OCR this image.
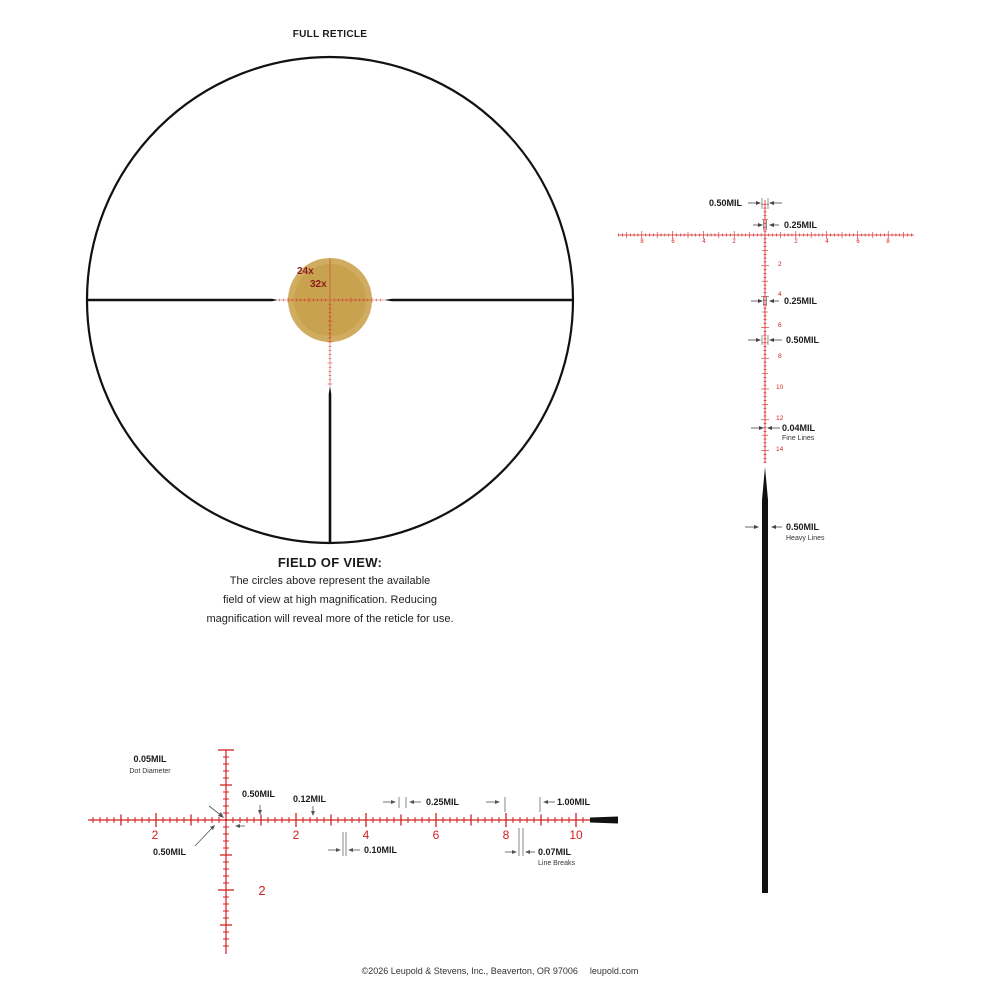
FULL RETICLE
24x
32x
8	6	4	2	2	4	6	8
2
4
6
8
10
12
14
0.50MIL
0.25MIL
0.25MIL
0.50MIL
0.04MIL
Fine Lines
0.50MIL
Heavy Lines
2	2	4	6	8	10
2
0.05MIL
Dot Diameter
0.50MIL 0.12MIL	0.25MIL	1.00MIL
0.50MIL	0.10MIL	0.07MIL
Line Breaks
FIELD OF VIEW:
The circles above represent the available
field of view at high magnification. Reducing
magnification will reveal more of the reticle for use.
©2026 Leupold & Stevens, Inc., Beaverton, OR 97006 leupold.com
